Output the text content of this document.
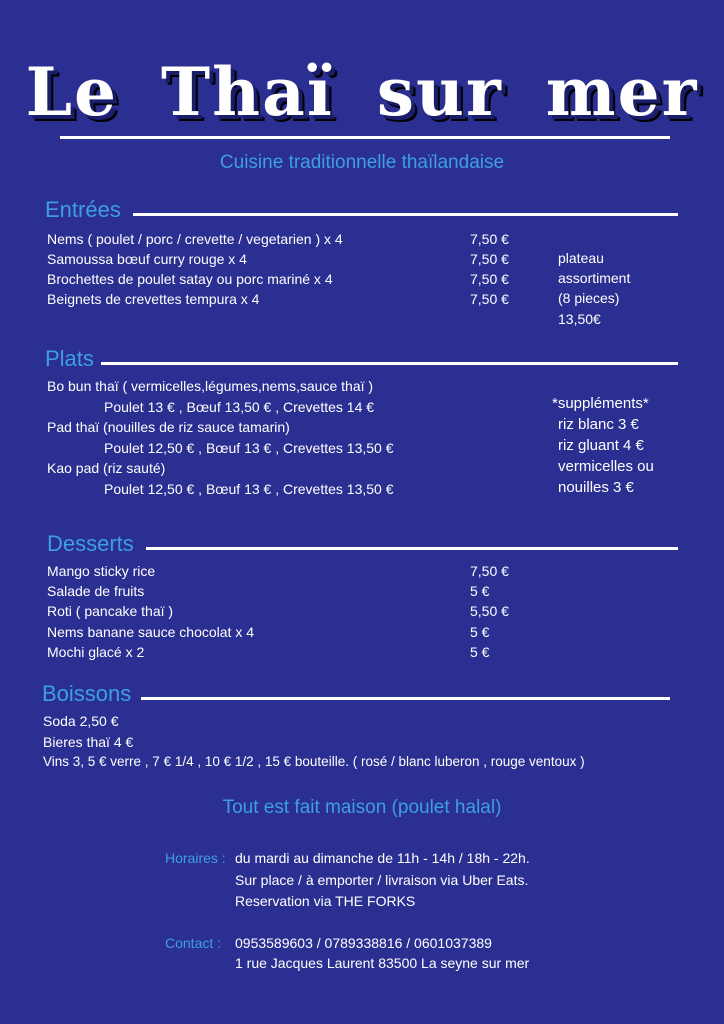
Le Thaï sur mer
Cuisine traditionnelle thaïlandaise
Entrées
Nems ( poulet / porc / crevette / vegetarien ) x 4	7,50 €
Samoussa bœuf curry rouge x 4	7,50 €
Brochettes de poulet satay ou porc mariné x 4	7,50 €
Beignets de crevettes tempura x 4	7,50 €
plateau
assortiment
(8 pieces)
13,50€
Plats
Bo bun thaï ( vermicelles,légumes,nems,sauce thaï )
Poulet 13 € , Bœuf 13,50 € , Crevettes 14 €
Pad thaï (nouilles de riz sauce tamarin)
Poulet 12,50 € , Bœuf 13 € , Crevettes 13,50 €
Kao pad (riz sauté)
Poulet 12,50 € , Bœuf 13 € , Crevettes 13,50 €
*suppléments*
riz blanc 3 €
riz gluant 4 €
vermicelles ou
nouilles 3 €
Desserts
Mango sticky rice	7,50 €
Salade de fruits	5 €
Roti ( pancake thaï )	5,50 €
Nems banane sauce chocolat x 4	5 €
Mochi glacé x 2	5 €
Boissons
Soda 2,50 €
Bieres thaï 4 €
Vins 3, 5 € verre , 7 € 1/4 , 10 € 1/2 , 15 € bouteille. ( rosé / blanc luberon , rouge ventoux )
Tout est fait maison (poulet halal)
Horaires : du mardi au dimanche de 11h - 14h / 18h - 22h.
Sur place / à emporter / livraison via Uber Eats.
Reservation via THE FORKS
Contact : 0953589603 / 0789338816 / 0601037389
1 rue Jacques Laurent 83500 La seyne sur mer
